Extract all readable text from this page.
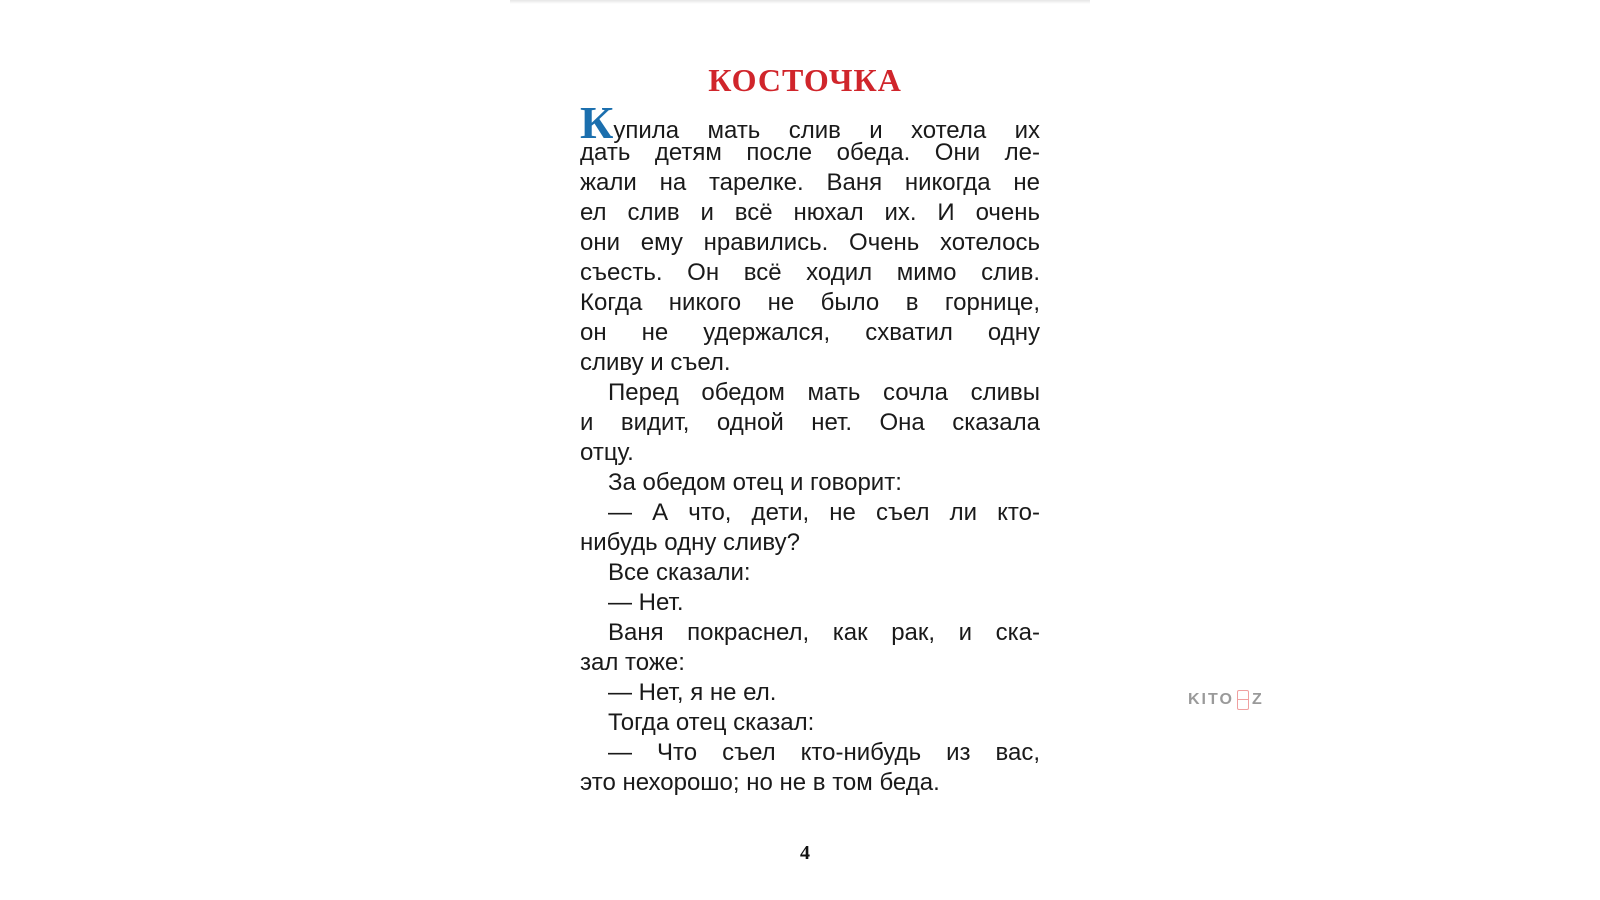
КОСТОЧКА
Купила мать слив и хотела их
дать детям после обеда. Они ле-
жали на тарелке. Ваня никогда не
ел слив и всё нюхал их. И очень
они ему нравились. Очень хотелось
съесть. Он всё ходил мимо слив.
Когда никого не было в горнице,
он не удержался, схватил одну
сливу и съел.
Перед обедом мать сочла сливы
и видит, одной нет. Она сказала
отцу.
За обедом отец и говорит:
— А что, дети, не съел ли кто-
нибудь одну сливу?
Все сказали:
— Нет.
Ваня покраснел, как рак, и ска-
зал тоже:
— Нет, я не ел.
Тогда отец сказал:
— Что съел кто-нибудь из вас,
это нехорошо; но не в том беда.
4
KITO Z
